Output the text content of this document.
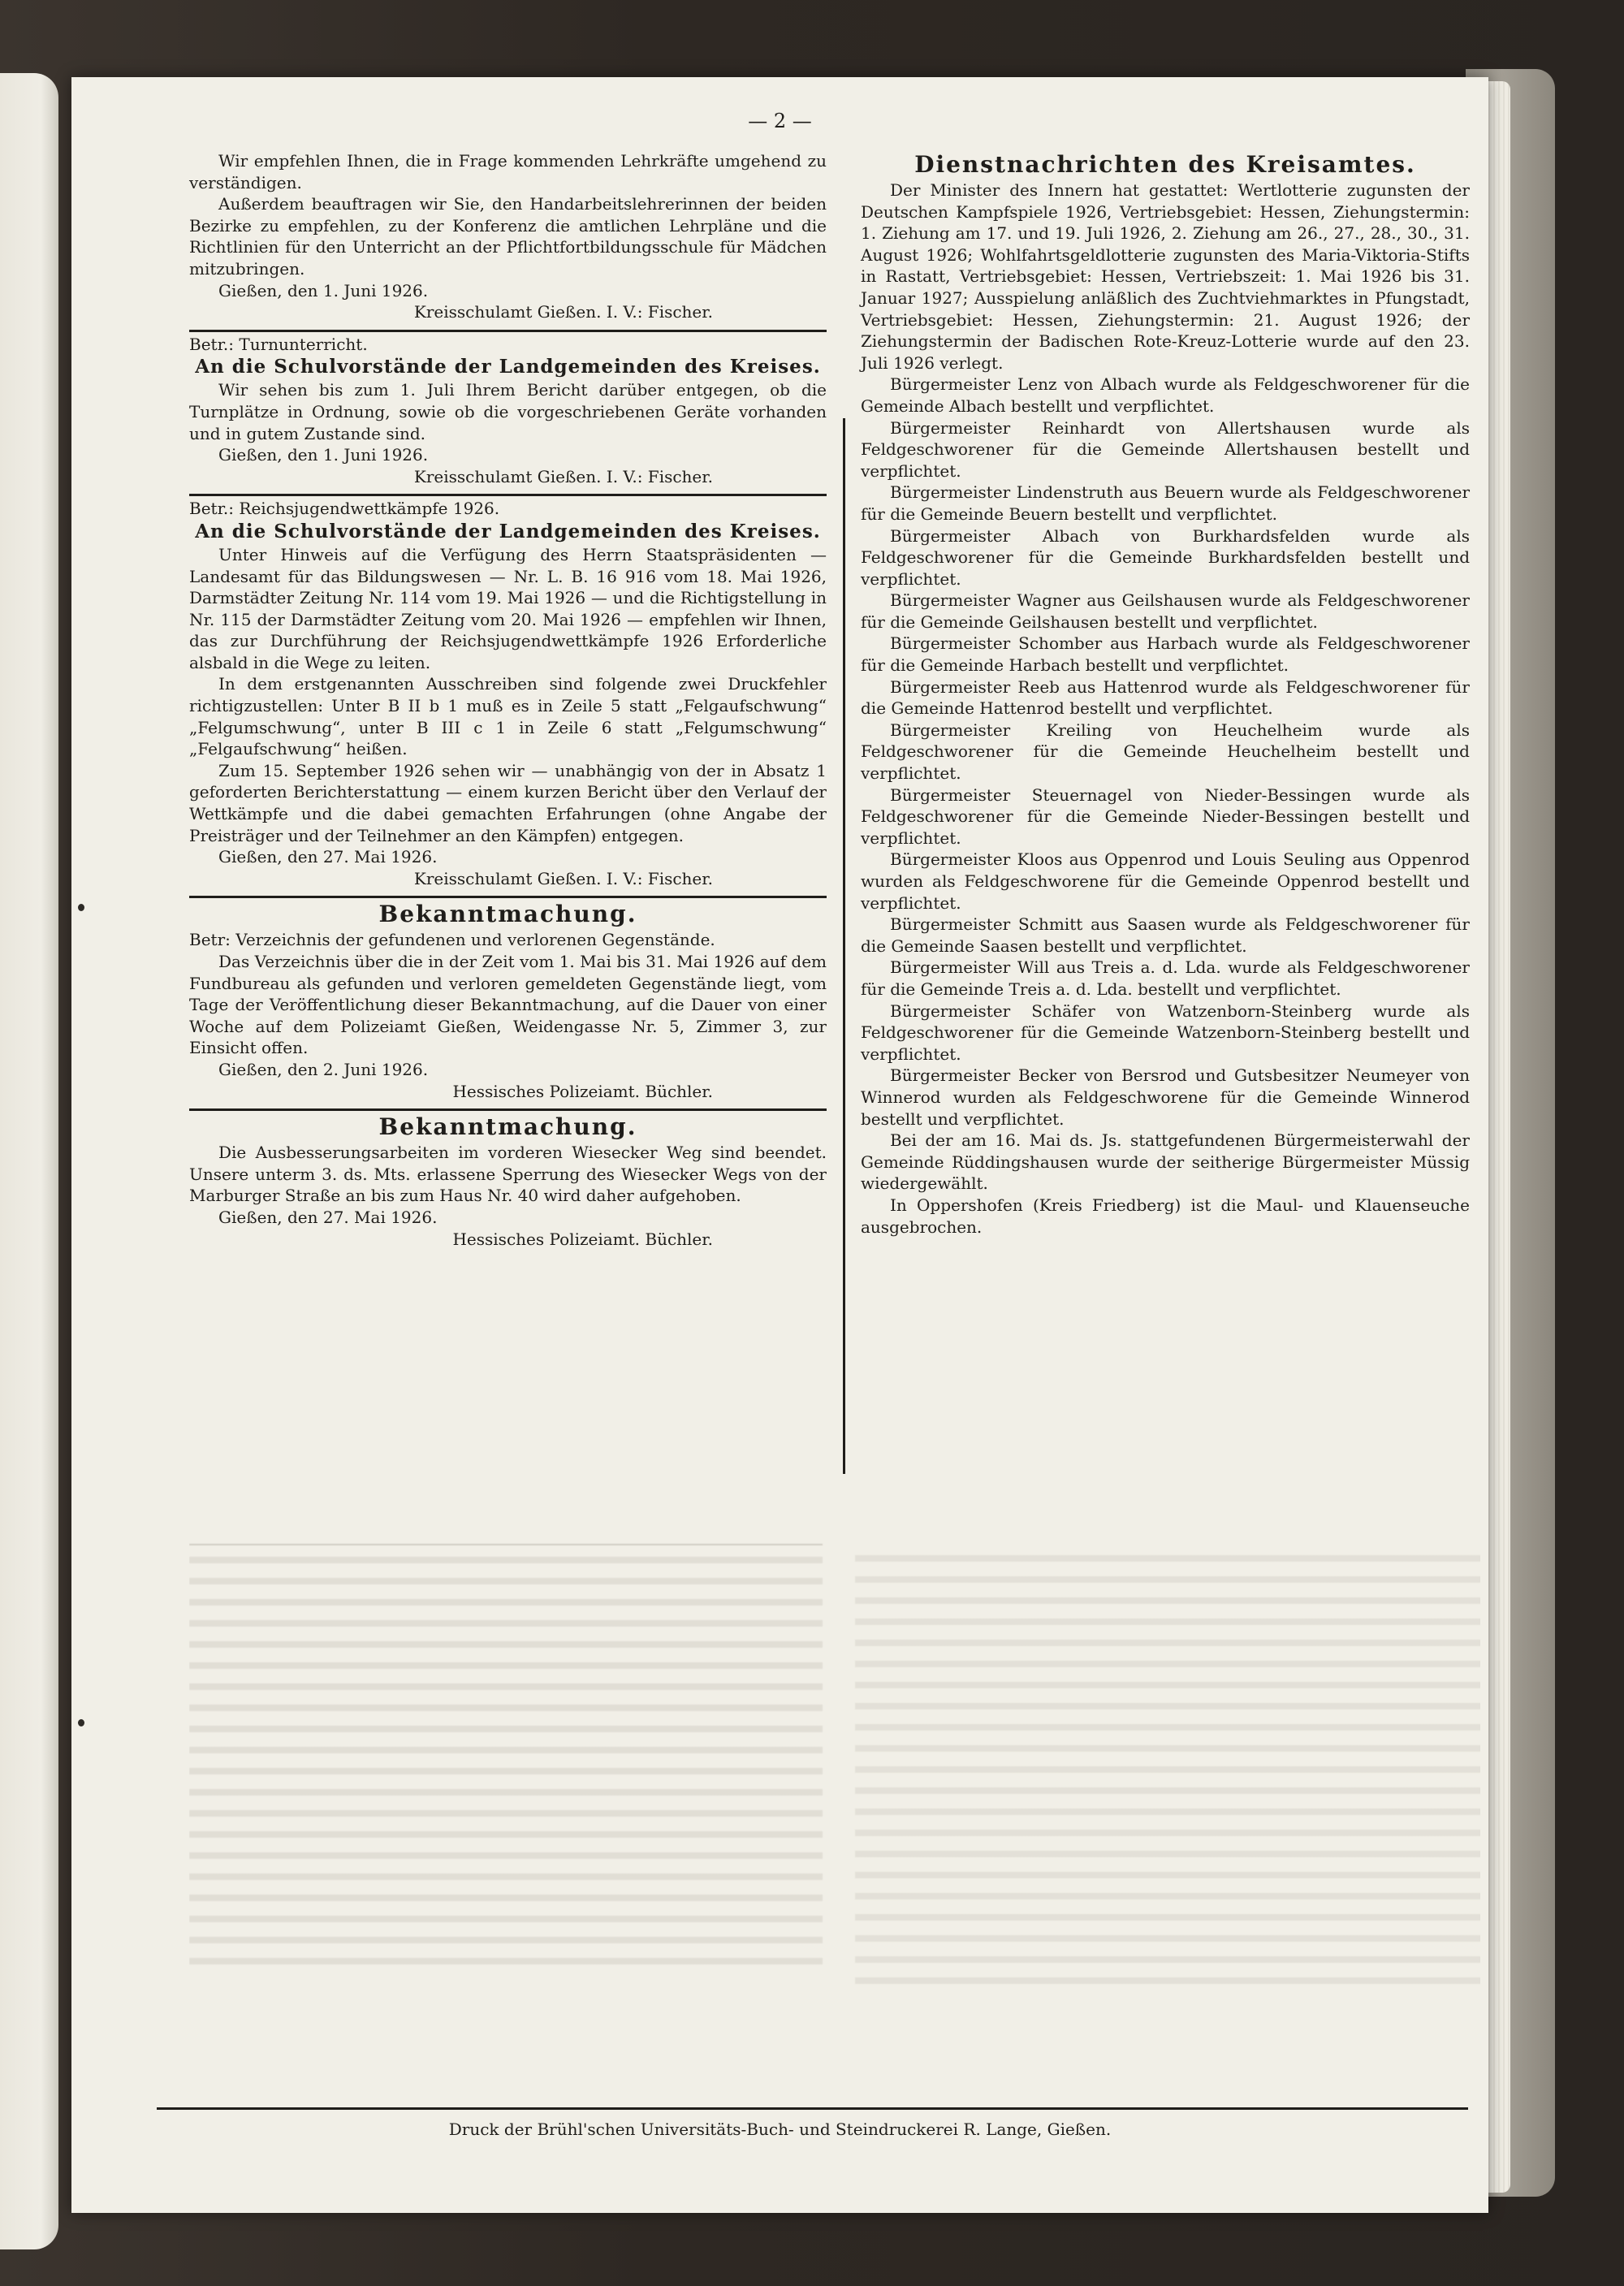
— 2 —

Wir empfehlen Ihnen, die in Frage kommenden Lehrkräfte umgehend zu verständigen.

Außerdem beauftragen wir Sie, den Handarbeitslehrerinnen der beiden Bezirke zu empfehlen, zu der Konferenz die amtlichen Lehrpläne und die Richtlinien für den Unterricht an der Pflichtfortbildungsschule für Mädchen mitzubringen.

Gießen, den 1. Juni 1926.

Kreisschulamt Gießen. I. V.: Fischer.

Betr.: Turnunterricht.

An die Schulvorstände der Landgemeinden des Kreises.

Wir sehen bis zum 1. Juli Ihrem Bericht darüber entgegen, ob die Turnplätze in Ordnung, sowie ob die vorgeschriebenen Geräte vorhanden und in gutem Zustande sind.

Gießen, den 1. Juni 1926.

Kreisschulamt Gießen. I. V.: Fischer.

Betr.: Reichsjugendwettkämpfe 1926.

An die Schulvorstände der Landgemeinden des Kreises.

Unter Hinweis auf die Verfügung des Herrn Staatspräsidenten — Landesamt für das Bildungswesen — Nr. L. B. 16 916 vom 18. Mai 1926, Darmstädter Zeitung Nr. 114 vom 19. Mai 1926 — und die Richtigstellung in Nr. 115 der Darmstädter Zeitung vom 20. Mai 1926 — empfehlen wir Ihnen, das zur Durchführung der Reichsjugendwettkämpfe 1926 Erforderliche alsbald in die Wege zu leiten.

In dem erstgenannten Ausschreiben sind folgende zwei Druckfehler richtigzustellen: Unter B II b 1 muß es in Zeile 5 statt „Felgaufschwung“ „Felgumschwung“, unter B III c 1 in Zeile 6 statt „Felgumschwung“ „Felgaufschwung“ heißen.

Zum 15. September 1926 sehen wir — unabhängig von der in Absatz 1 geforderten Berichterstattung — einem kurzen Bericht über den Verlauf der Wettkämpfe und die dabei gemachten Erfahrungen (ohne Angabe der Preisträger und der Teilnehmer an den Kämpfen) entgegen.

Gießen, den 27. Mai 1926.

Kreisschulamt Gießen. I. V.: Fischer.

Bekanntmachung.

Betr: Verzeichnis der gefundenen und verlorenen Gegenstände.

Das Verzeichnis über die in der Zeit vom 1. Mai bis 31. Mai 1926 auf dem Fundbureau als gefunden und verloren gemeldeten Gegenstände liegt, vom Tage der Veröffentlichung dieser Bekanntmachung, auf die Dauer von einer Woche auf dem Polizeiamt Gießen, Weidengasse Nr. 5, Zimmer 3, zur Einsicht offen.

Gießen, den 2. Juni 1926.

Hessisches Polizeiamt. Büchler.

Bekanntmachung.

Die Ausbesserungsarbeiten im vorderen Wiesecker Weg sind beendet. Unsere unterm 3. ds. Mts. erlassene Sperrung des Wiesecker Wegs von der Marburger Straße an bis zum Haus Nr. 40 wird daher aufgehoben.

Gießen, den 27. Mai 1926.

Hessisches Polizeiamt. Büchler.

Dienstnachrichten des Kreisamtes.

Der Minister des Innern hat gestattet: Wertlotterie zugunsten der Deutschen Kampfspiele 1926, Vertriebsgebiet: Hessen, Ziehungstermin: 1. Ziehung am 17. und 19. Juli 1926, 2. Ziehung am 26., 27., 28., 30., 31. August 1926; Wohlfahrtsgeldlotterie zugunsten des Maria-Viktoria-Stifts in Rastatt, Vertriebsgebiet: Hessen, Vertriebszeit: 1. Mai 1926 bis 31. Januar 1927; Ausspielung anläßlich des Zuchtviehmarktes in Pfungstadt, Vertriebsgebiet: Hessen, Ziehungstermin: 21. August 1926; der Ziehungstermin der Badischen Rote-Kreuz-Lotterie wurde auf den 23. Juli 1926 verlegt.

Bürgermeister Lenz von Albach wurde als Feldgeschworener für die Gemeinde Albach bestellt und verpflichtet.

Bürgermeister Reinhardt von Allertshausen wurde als Feldgeschworener für die Gemeinde Allertshausen bestellt und verpflichtet.

Bürgermeister Lindenstruth aus Beuern wurde als Feldgeschworener für die Gemeinde Beuern bestellt und verpflichtet.

Bürgermeister Albach von Burkhardsfelden wurde als Feldgeschworener für die Gemeinde Burkhardsfelden bestellt und verpflichtet.

Bürgermeister Wagner aus Geilshausen wurde als Feldgeschworener für die Gemeinde Geilshausen bestellt und verpflichtet.

Bürgermeister Schomber aus Harbach wurde als Feldgeschworener für die Gemeinde Harbach bestellt und verpflichtet.

Bürgermeister Reeb aus Hattenrod wurde als Feldgeschworener für die Gemeinde Hattenrod bestellt und verpflichtet.

Bürgermeister Kreiling von Heuchelheim wurde als Feldgeschworener für die Gemeinde Heuchelheim bestellt und verpflichtet.

Bürgermeister Steuernagel von Nieder-Bessingen wurde als Feldgeschworener für die Gemeinde Nieder-Bessingen bestellt und verpflichtet.

Bürgermeister Kloos aus Oppenrod und Louis Seuling aus Oppenrod wurden als Feldgeschworene für die Gemeinde Oppenrod bestellt und verpflichtet.

Bürgermeister Schmitt aus Saasen wurde als Feldgeschworener für die Gemeinde Saasen bestellt und verpflichtet.

Bürgermeister Will aus Treis a. d. Lda. wurde als Feldgeschworener für die Gemeinde Treis a. d. Lda. bestellt und verpflichtet.

Bürgermeister Schäfer von Watzenborn-Steinberg wurde als Feldgeschworener für die Gemeinde Watzenborn-Steinberg bestellt und verpflichtet.

Bürgermeister Becker von Bersrod und Gutsbesitzer Neumeyer von Winnerod wurden als Feldgeschworene für die Gemeinde Winnerod bestellt und verpflichtet.

Bei der am 16. Mai ds. Js. stattgefundenen Bürgermeisterwahl der Gemeinde Rüddingshausen wurde der seitherige Bürgermeister Müssig wiedergewählt.

In Oppershofen (Kreis Friedberg) ist die Maul- und Klauenseuche ausgebrochen.

Druck der Brühl'schen Universitäts-Buch- und Steindruckerei R. Lange, Gießen.
